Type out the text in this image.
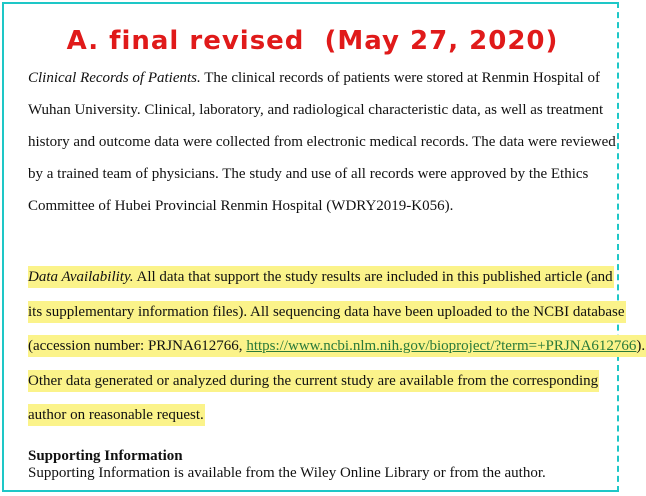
A. final revised  (May 27, 2020)
Clinical Records of Patients. The clinical records of patients were stored at Renmin Hospital of
Wuhan University. Clinical, laboratory, and radiological characteristic data, as well as treatment
history and outcome data were collected from electronic medical records. The data were reviewed
by a trained team of physicians. The study and use of all records were approved by the Ethics
Committee of Hubei Provincial Renmin Hospital (WDRY2019-K056).
Data Availability. All data that support the study results are included in this published article (and
its supplementary information files). All sequencing data have been uploaded to the NCBI database
(accession number: PRJNA612766, https://www.ncbi.nlm.nih.gov/bioproject/?term=+PRJNA612766).
Other data generated or analyzed during the current study are available from the corresponding
author on reasonable request.
Supporting Information
Supporting Information is available from the Wiley Online Library or from the author.
